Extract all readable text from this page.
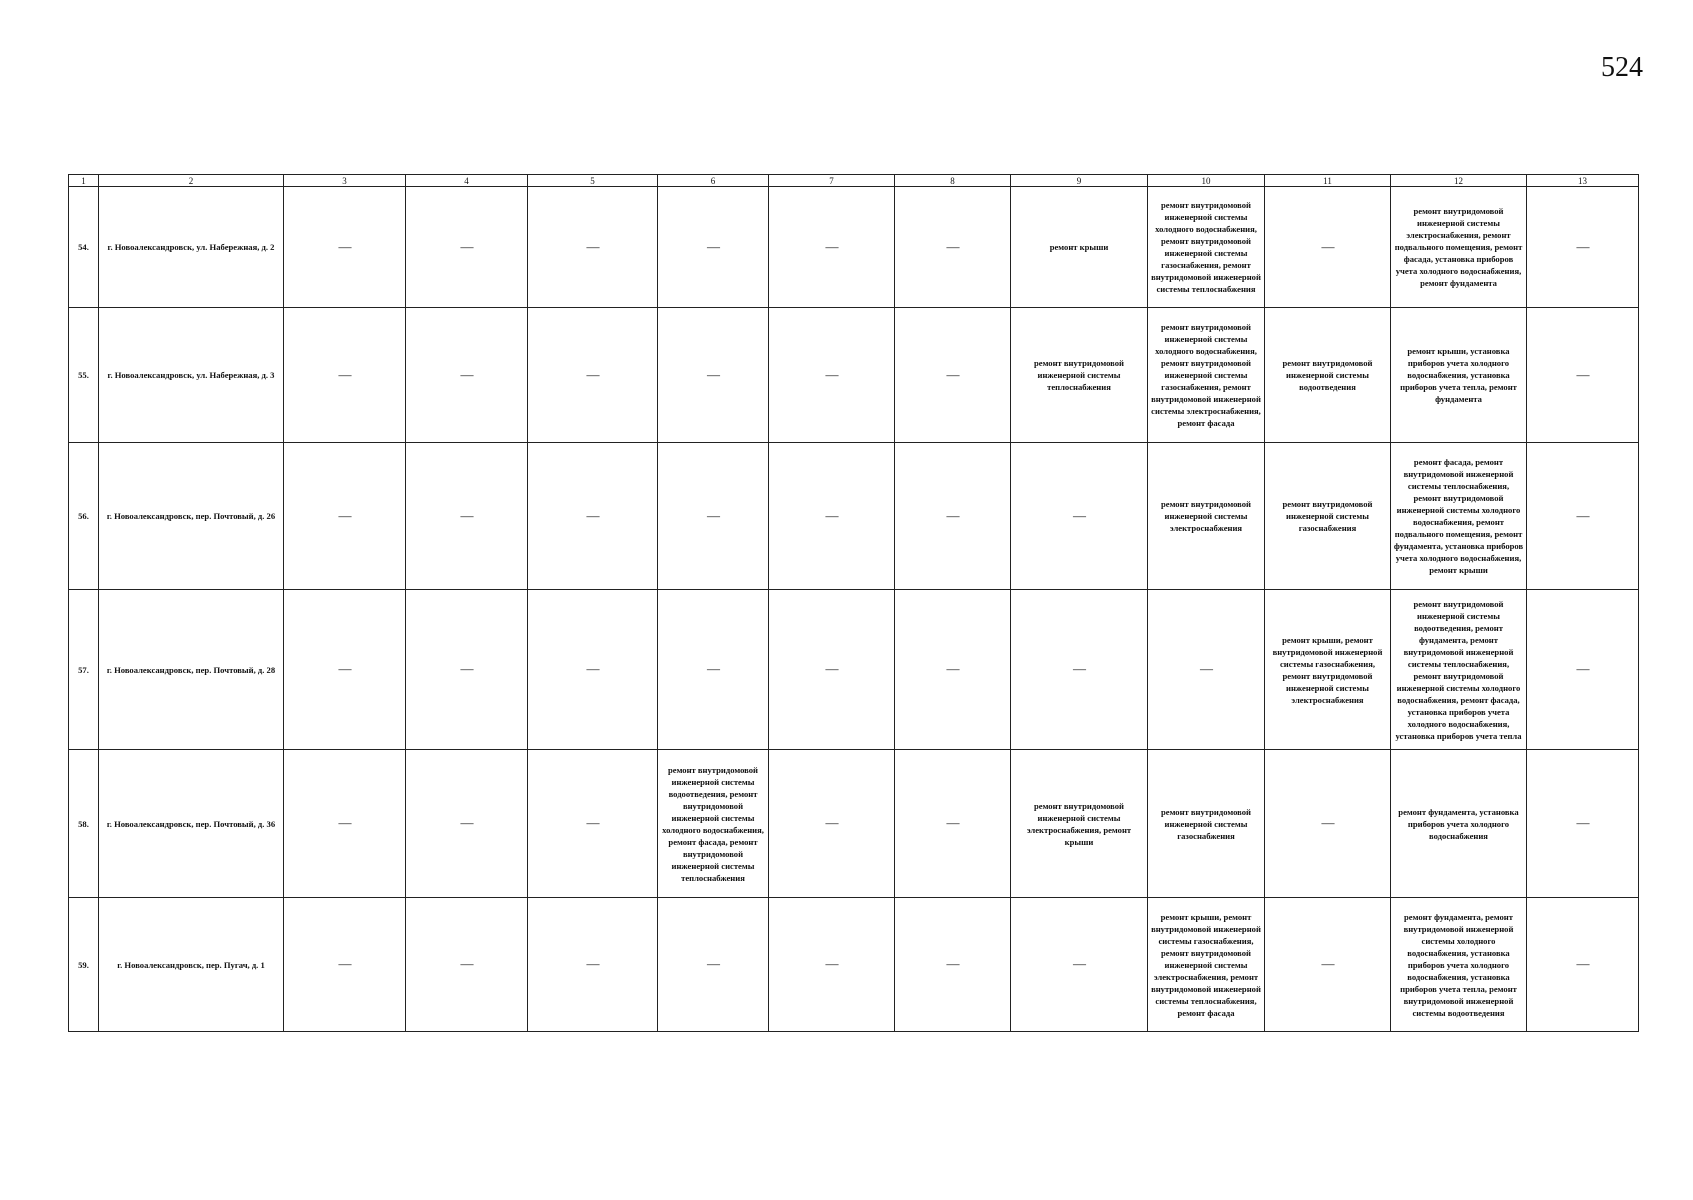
524
1	2	3	4	5	6	7	8	9	10	11	12	13
54.	г. Новоалександровск, ул. Набережная, д. 2	—	—	—	—	—	—	ремонт крыши	ремонт внутридомовой инженерной системы холодного водоснабжения, ремонт внутридомовой инженерной системы газоснабжения, ремонт внутридомовой инженерной системы теплоснабжения	—	ремонт внутридомовой инженерной системы электроснабжения, ремонт подвального помещения, ремонт фасада, установка приборов учета холодного водоснабжения, ремонт фундамента	—
55.	г. Новоалександровск, ул. Набережная, д. 3	—	—	—	—	—	—	ремонт внутридомовой инженерной системы теплоснабжения	ремонт внутридомовой инженерной системы холодного водоснабжения, ремонт внутридомовой инженерной системы газоснабжения, ремонт внутридомовой инженерной системы электроснабжения, ремонт фасада	ремонт внутридомовой инженерной системы водоотведения	ремонт крыши, установка приборов учета холодного водоснабжения, установка приборов учета тепла, ремонт фундамента	—
56.	г. Новоалександровск, пер. Почтовый, д. 26	—	—	—	—	—	—	—	ремонт внутридомовой инженерной системы электроснабжения	ремонт внутридомовой инженерной системы газоснабжения	ремонт фасада, ремонт внутридомовой инженерной системы теплоснабжения, ремонт внутридомовой инженерной системы холодного водоснабжения, ремонт подвального помещения, ремонт фундамента, установка приборов учета холодного водоснабжения, ремонт крыши	—
57.	г. Новоалександровск, пер. Почтовый, д. 28	—	—	—	—	—	—	—	—	ремонт крыши, ремонт внутридомовой инженерной системы газоснабжения, ремонт внутридомовой инженерной системы электроснабжения	ремонт внутридомовой инженерной системы водоотведения, ремонт фундамента, ремонт внутридомовой инженерной системы теплоснабжения, ремонт внутридомовой инженерной системы холодного водоснабжения, ремонт фасада, установка приборов учета холодного водоснабжения, установка приборов учета тепла	—
58.	г. Новоалександровск, пер. Почтовый, д. 36	—	—	—	ремонт внутридомовой инженерной системы водоотведения, ремонт внутридомовой инженерной системы холодного водоснабжения, ремонт фасада, ремонт внутридомовой инженерной системы теплоснабжения	—	—	ремонт внутридомовой инженерной системы электроснабжения, ремонт крыши	ремонт внутридомовой инженерной системы газоснабжения	—	ремонт фундамента, установка приборов учета холодного водоснабжения	—
59.	г. Новоалександровск, пер. Пугач, д. 1	—	—	—	—	—	—	—	ремонт крыши, ремонт внутридомовой инженерной системы газоснабжения, ремонт внутридомовой инженерной системы электроснабжения, ремонт внутридомовой инженерной системы теплоснабжения, ремонт фасада	—	ремонт фундамента, ремонт внутридомовой инженерной системы холодного водоснабжения, установка приборов учета холодного водоснабжения, установка приборов учета тепла, ремонт внутридомовой инженерной системы водоотведения	—
